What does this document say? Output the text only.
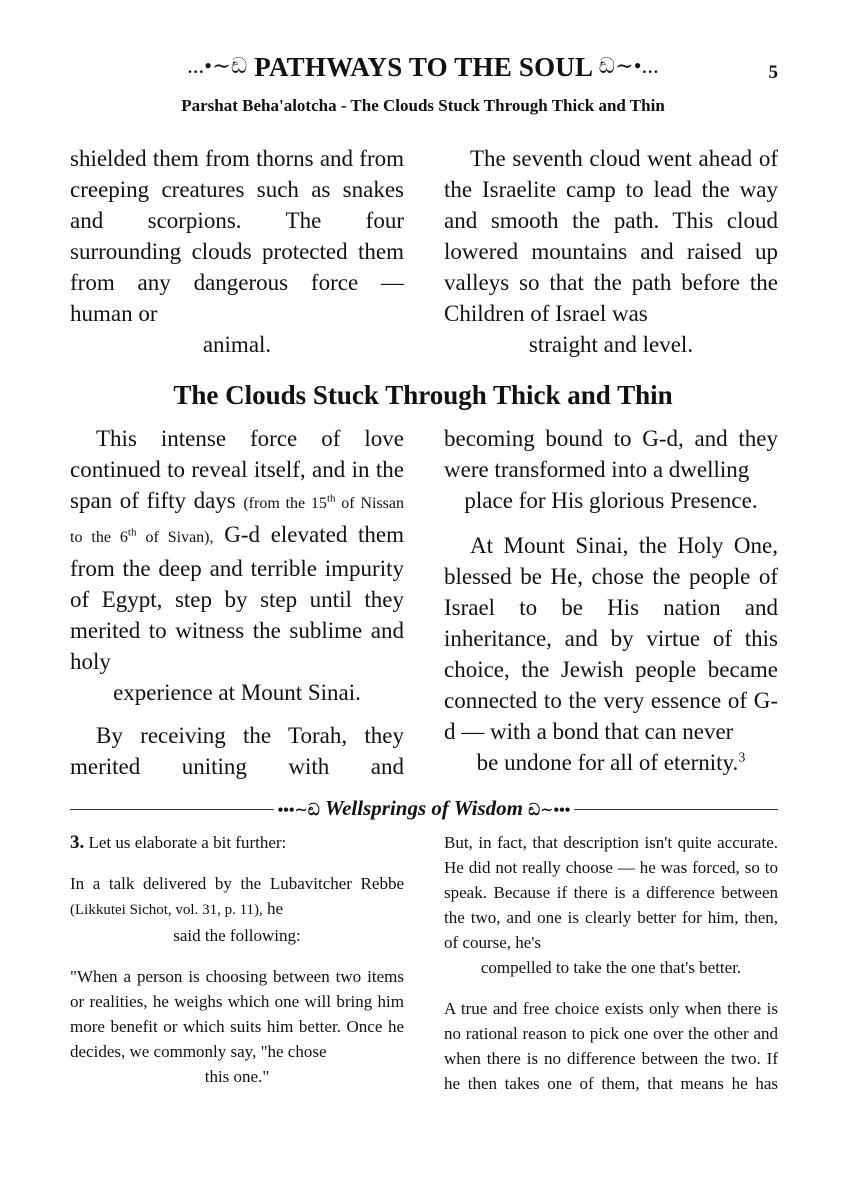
...•∼ඩ PATHWAYS TO THE SOUL ඩ∼•...	5
Parshat Beha'alotcha - The Clouds Stuck Through Thick and Thin

shielded them from thorns and from creeping creatures such as snakes and scorpions. The four surrounding clouds protected them from any dangerous force — human or

animal.

The seventh cloud went ahead of the Israelite camp to lead the way and smooth the path. This cloud lowered mountains and raised up valleys so that the path before the Children of Israel was

straight and level.

The Clouds Stuck Through Thick and Thin

This intense force of love continued to reveal itself, and in the span of fifty days (from the 15th of Nissan to the 6th of Sivan), G-d elevated them from the deep and terrible impurity of Egypt, step by step until they merited to witness the sublime and holy

experience at Mount Sinai.

By receiving the Torah, they merited uniting with and

becoming bound to G-d, and they were transformed into a dwelling

place for His glorious Presence.

At Mount Sinai, the Holy One, blessed be He, chose the people of Israel to be His nation and inheritance, and by virtue of this choice, the Jewish people became connected to the very essence of G-d — with a bond that can never

be undone for all of eternity.$^3$

•••∼ඩ Wellsprings of Wisdom ඩ∼•••

3. Let us elaborate a bit further:

In a talk delivered by the Lubavitcher Rebbe (Likkutei Sichot, vol. 31, p. 11), he

said the following:

"When a person is choosing between two items or realities, he weighs which one will bring him more benefit or which suits him better. Once he decides, we commonly say, "he chose

this one."

But, in fact, that description isn't quite accurate. He did not really choose — he was forced, so to speak. Because if there is a difference between the two, and one is clearly better for him, then, of course, he's

compelled to take the one that's better.

A true and free choice exists only when there is no rational reason to pick one over the other and when there is no difference between the two. If he then takes one of them, that means he has
